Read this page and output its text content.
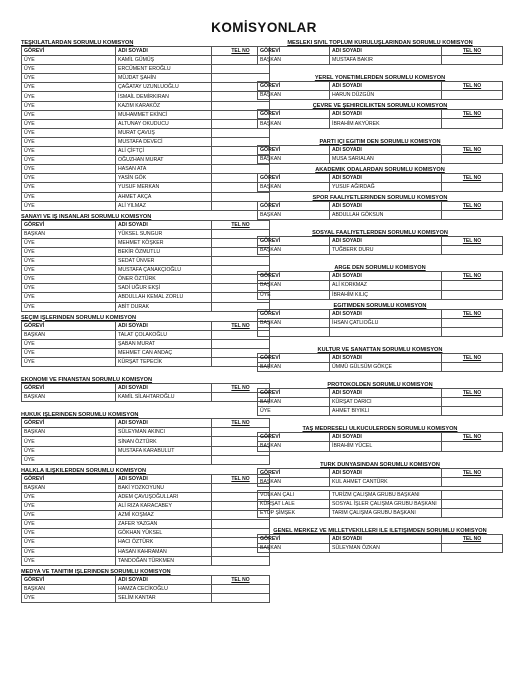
KOMİSYONLAR
TEŞKİLATLARDAN SORUMLU KOMİSYON
GÖREVİ	ADI SOYADI	TEL NO
ÜYE	KAMİL GÜMÜŞ	
ÜYE	ERCÜMENT EROĞLU	
ÜYE	MÜJDAT ŞAHİN	
ÜYE	ÇAĞATAY UZUNLUOĞLU	
ÜYE	İSMAİL DEMİRKIRAN	
ÜYE	KAZIM KARAKÖZ	
ÜYE	MUHAMMET EKİNCİ	
ÜYE	ALTUNAY OKUDUCU	
ÜYE	MURAT ÇAVUŞ	
ÜYE	MUSTAFA DEVECİ	
ÜYE	ALİ ÇİFTÇİ	
ÜYE	OĞUZHAN MURAT	
ÜYE	HASAN ATA	
ÜYE	YASİN GÖK	
ÜYE	YUSUF MERKAN	
ÜYE	AHMET AKÇA	
ÜYE	ALİ YILMAZ	
SANAYİ VE İŞ İNSANLARI SORUMLU KOMİSYON
GÖREVİ	ADI SOYADI	TEL NO
BAŞKAN	YÜKSEL SUNGUR	
ÜYE	MEHMET KÖŞKER	
ÜYE	BEKİR ÖZMUTLU	
ÜYE	SEDAT ÜNVER	
ÜYE	MUSTAFA ÇANAKÇIOĞLU	
ÜYE	ÖNER ÖZTÜRK	
ÜYE	SADİ UĞUR EKŞİ	
ÜYE	ABDULLAH KEMAL ZORLU	
ÜYE	ABİT DURAK	
SEÇİM İŞLERİNDEN SORUMLU KOMİSYON
GÖREVİ	ADI SOYADI	TEL NO
BAŞKAN	TALAT ÇOLAKOĞLU	
ÜYE	ŞABAN MURAT	
ÜYE	MEHMET CAN ANDAÇ	
ÜYE	KÜRŞAT TEPECİK	
EKONOMİ VE FİNANSTAN SORUMLU KOMİSYON
GÖREVİ	ADI SOYADI	TEL NO
BAŞKAN	KAMİL SİLAHTAROĞLU	
HUKUK İŞLERİNDEN SORUMLU KOMİSYON
GÖREVİ	ADI SOYADI	TEL NO
BAŞKAN	SÜLEYMAN AKINCI	
ÜYE	SİNAN ÖZTÜRK	
ÜYE	MUSTAFA KARABULUT	
ÜYE		
HALKLA İLİŞKİLERDEN SORUMLU KOMİSYON
GÖREVİ	ADI SOYADI	TEL NO
BAŞKAN	BAKİ YOZKOYUNU	
ÜYE	ADEM ÇAVUŞOĞULLARI	
ÜYE	ALİ RIZA KARACABEY	
ÜYE	AZMİ KOŞMAZ	
ÜYE	ZAFER YAZGAN	
ÜYE	GÖKHAN YÜKSEL	
ÜYE	HACI ÖZTÜRK	
ÜYE	HASAN KAHRAMAN	
ÜYE	TANDOĞAN TÜRKMEN	
MEDYA VE TANITIM İŞLERİNDEN SORUMLU KOMİSYON
GÖREVİ	ADI SOYADI	TEL NO
BAŞKAN	HAMZA CECİKOĞLU	
ÜYE	SELİM KANTAR	
MESLEKİ SİVİL TOPLUM KURULUŞLARINDAN SORUMLU KOMİSYON
GÖREVİ	ADI SOYADI	TEL NO
BAŞKAN	MUSTAFA BAKIR	
YEREL YÖNETİMLERDEN SORUMLU KOMİSYON
GÖREVİ	ADI SOYADI	TEL NO
BAŞKAN	HARUN DÜZGÜN	
ÇEVRE VE ŞEHİRCİLİKTEN SORUMLU KOMİSYON
GÖREVİ	ADI SOYADI	TEL NO
BAŞKAN	İBRAHİM AKYÜREK	
PARTİ İÇİ EĞİTİM DEN SORUMLU KOMİSYON
GÖREVİ	ADI SOYADI	TEL NO
BAŞKAN	MUSA SARIALAN	
AKADEMİK ODALARDAN SORUMLU KOMİSYON
GÖREVİ	ADI SOYADI	TEL NO
BAŞKAN	YUSUF AĞIRDAĞ	
SPOR FAALİYETLERİNDEN SORUMLU KOMİSYON
GÖREVİ	ADI SOYADI	TEL NO
BAŞKAN	ABDULLAH GÖKSUN	
SOSYAL FAALİYETLERDEN SORUMLU KOMİSYON
GÖREVİ	ADI SOYADI	TEL NO
BAŞKAN	TUĞBERK DURU	
ARGE DEN SORUMLU KOMİSYON
GÖREVİ	ADI SOYADI	TEL NO
BAŞKAN	ALİ KORKMAZ	
ÜYE	İBRAHİM KILIÇ	
EĞİTİMDEN SORUMLU KOMİSYON
GÖREVİ	ADI SOYADI	TEL NO
BAŞKAN	İHSAN ÇATLIOĞLU	

KÜLTÜR VE SANATTAN SORUMLU KOMİSYON
GÖREVİ	ADI SOYADI	TEL NO
BAŞKAN	ÜMMÜ GÜLSÜM GÖKÇE	
PROTOKOLDEN SORUMLU KOMİSYON
GÖREVİ	ADI SOYADI	TEL NO
BAŞKAN	KÜRŞAT DARICI	
ÜYE	AHMET BIYIKLI	
TAŞ MEDRESELİ ÜLKÜCÜLERDEN SORUMLU KOMİSYON
GÖREVİ	ADI SOYADI	TEL NO
BAŞKAN	İBRAHİM YÜCEL	
TÜRK DÜNYASINDAN SORUMLU KOMİSYON
GÖREVİ	ADI SOYADI	TEL NO
BAŞKAN	KUL AHMET CANTÜRK	
VOLKAN ÇALI	TURİZM ÇALIŞMA GRUBU BAŞKANI	
KÜRŞAT LALE	SOSYAL İŞLER ÇALIŞMA GRUBU BAŞKANI	
EYÜP ŞİMŞEK	TARIM ÇALIŞMA GRUBU BAŞKANI	
GENEL MERKEZ VE MİLLETVEKİLLERİ İLE İLETİŞİMDEN SORUMLU KOMİSYON
GÖREVİ	ADI SOYADI	TEL NO
BAŞKAN	SÜLEYMAN ÖZKAN	
